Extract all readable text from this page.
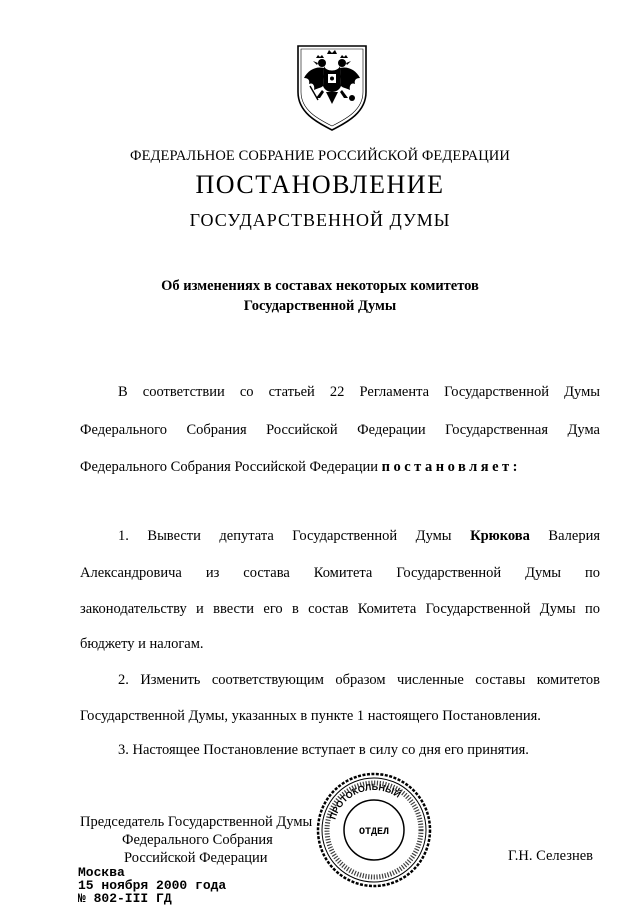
ФЕДЕРАЛЬНОЕ СОБРАНИЕ РОССИЙСКОЙ ФЕДЕРАЦИИ
ПОСТАНОВЛЕНИЕ
ГОСУДАРСТВЕННОЙ ДУМЫ
Об изменениях в составах некоторых комитетов
Государственной Думы
В соответствии со статьей 22 Регламента Государственной Думы
Федерального Собрания Российской Федерации Государственная Дума
Федерального Собрания Российской Федерации постановляет:
1. Вывести депутата Государственной Думы Крюкова Валерия
Александровича из состава Комитета Государственной Думы по
законодательству и ввести его в состав Комитета Государственной Думы по
бюджету и налогам.
2. Изменить соответствующим образом численные составы комитетов
Государственной Думы, указанных в пункте 1 настоящего Постановления.
3. Настоящее Постановление вступает в силу со дня его принятия.
Председатель Государственной Думы
Федерального Собрания
Российской Федерации	Г.Н. Селезнев
ПРОТОКОЛЬНЫЙ
ОТДЕЛ
Москва
15 ноября 2000 года
№ 802-III ГД
